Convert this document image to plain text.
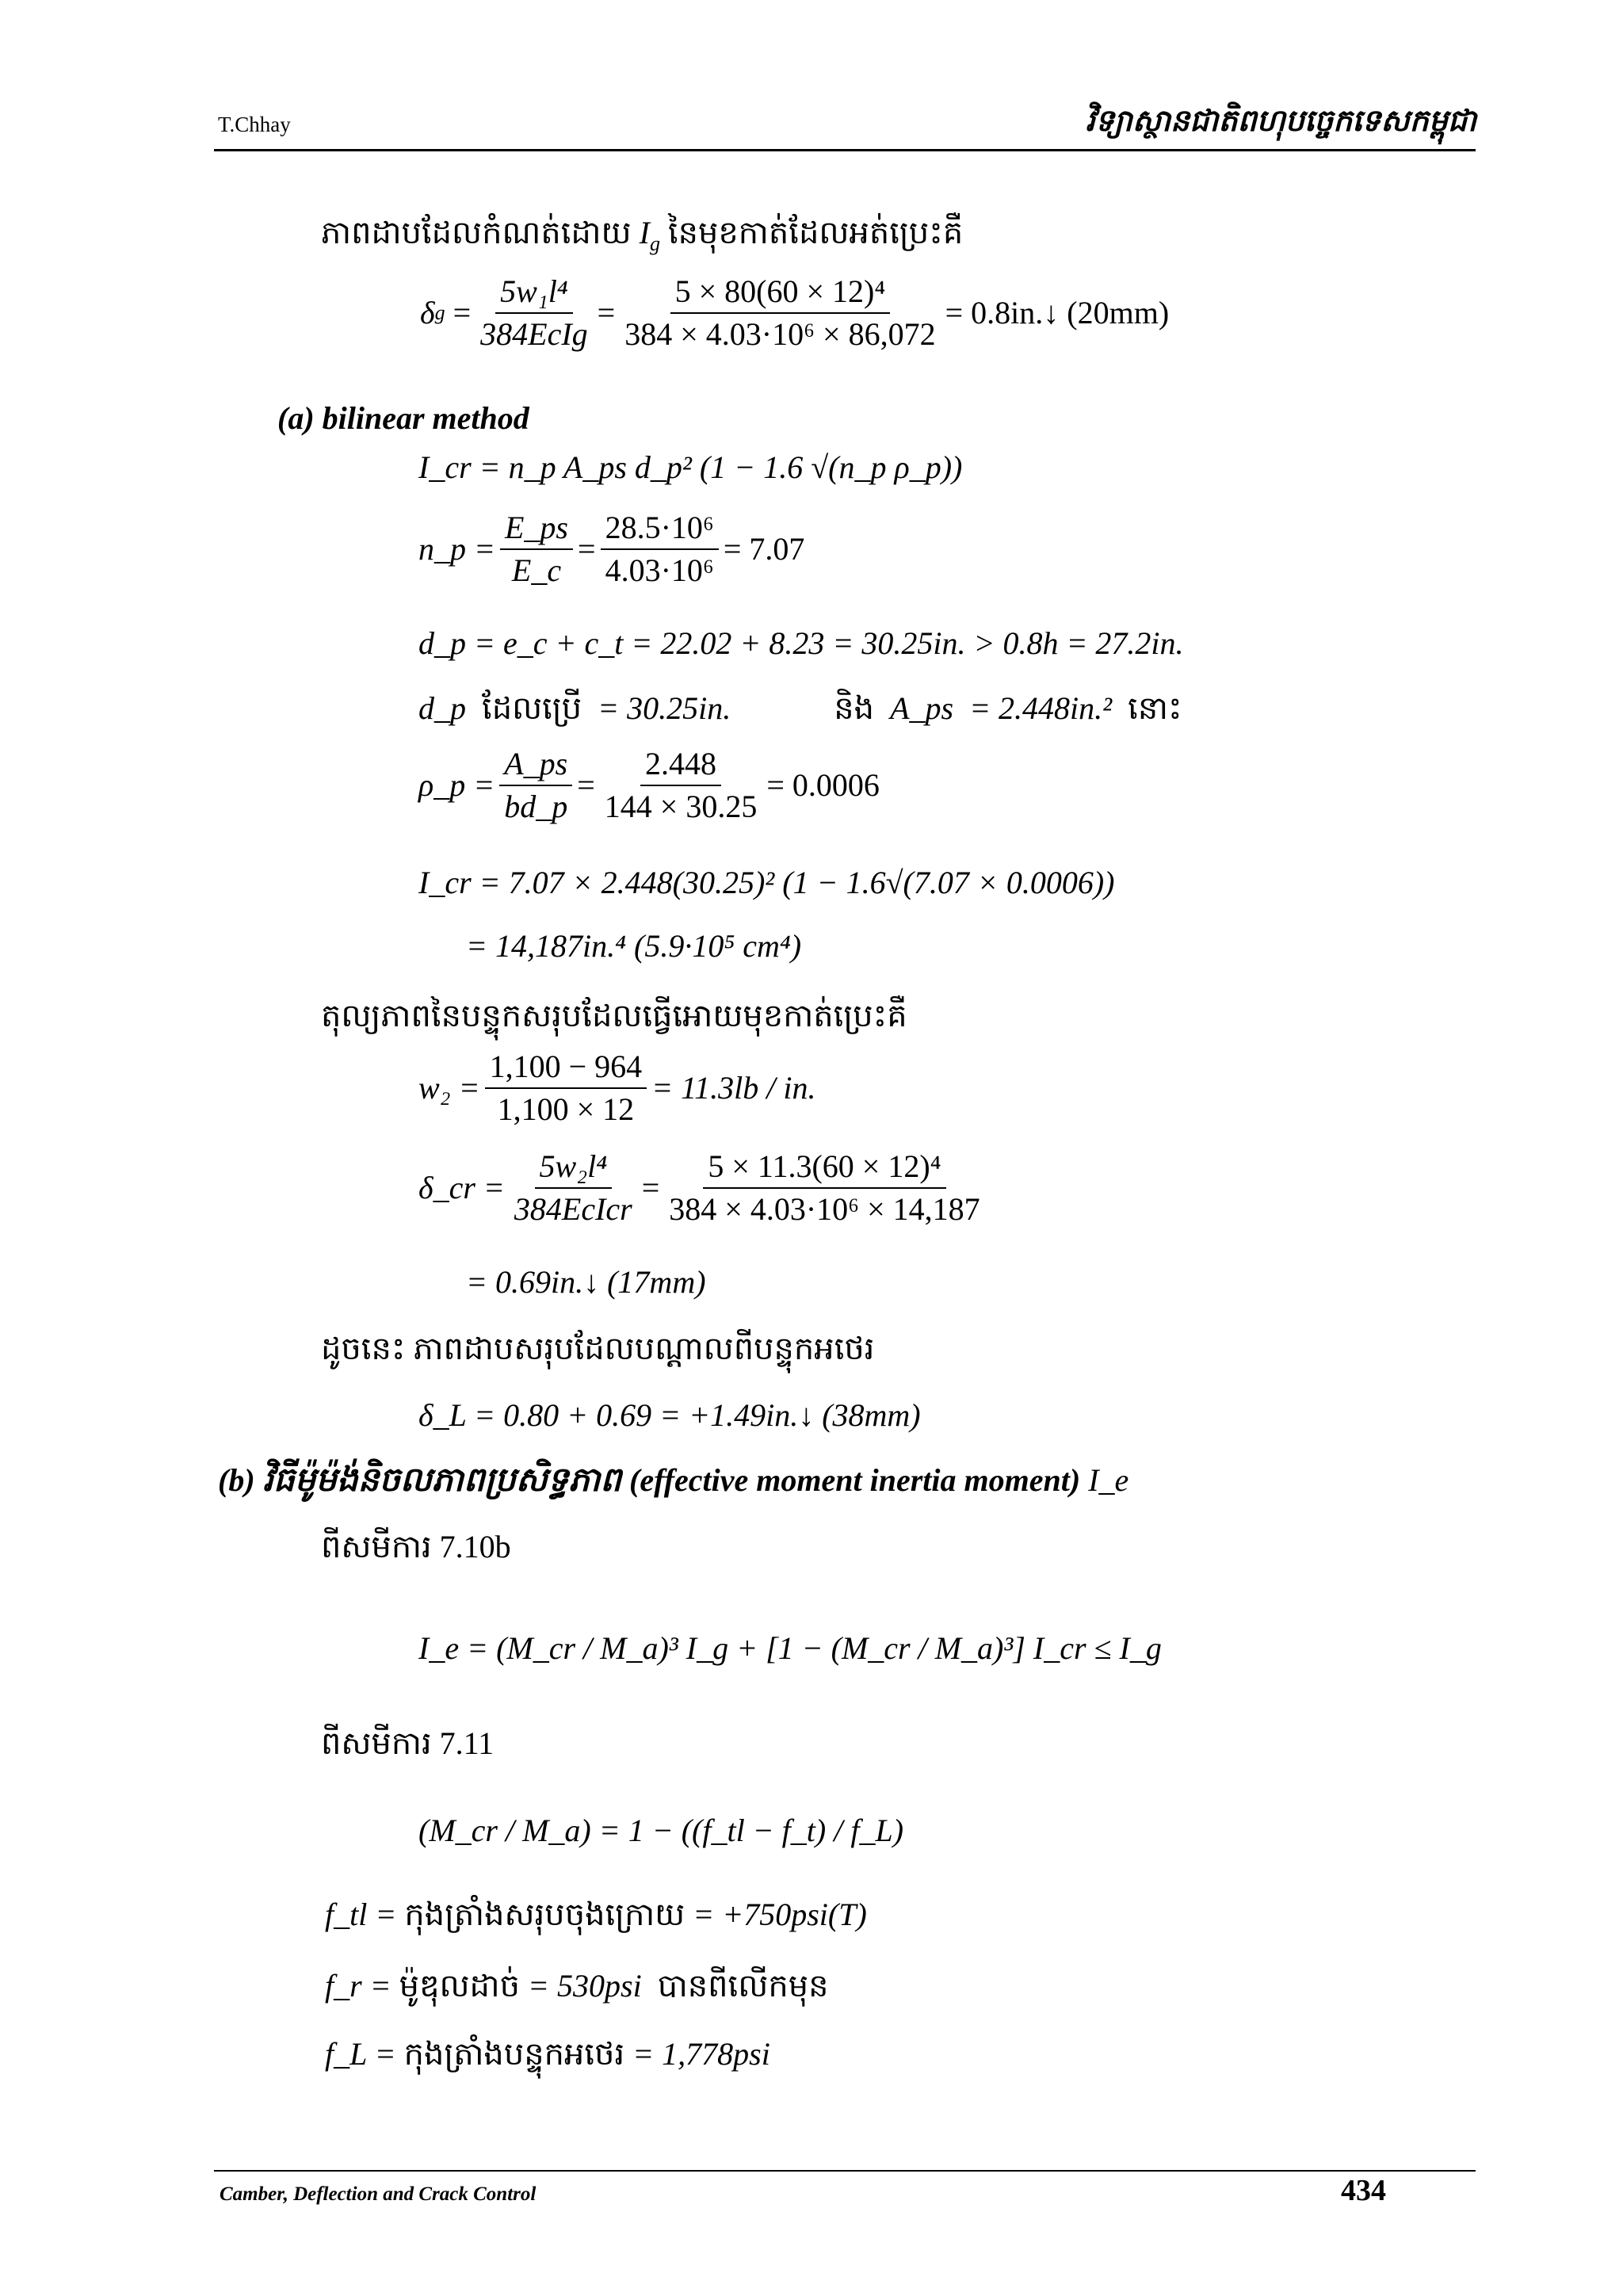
T.Chhay	វិទ្យាស្ថានជាតិពហុបច្ចេកទេសកម្ពុជា
ភាពដាបដែលកំណត់ដោយ $I_g$ នៃមុខកាត់ដែលអត់ប្រេះគឺ
δ $g = \frac{\text{5w₁l⁴}}{\text{384EcIg}} = \frac{\text{5 × 80(60 × 12)⁴}}{\text{384 × 4.03·10⁶ × 86,072}}$ = 0.8in.↓ (20mm)
(a) bilinear method
I_cr = n_p A_ps d_p² (1 − 1.6 √(n_p ρ_p))
n_p = $\frac{E\_ps}{E\_c} = \frac{\text{28.5·10⁶}}{\text{4.03·10⁶}} = 7.07$
d_p = e_c + c_t = 22.02 + 8.23 = 30.25in. > 0.8h = 27.2in.
d_p ដែលប្រើ = 30.25in.	និង A_ps = 2.448in.² នោះ
ρ_p = $\frac{A\_ps}{bd\_p} = \frac{2.448}{144 \times 30.25} = 0.0006$
I_cr = 7.07 × 2.448(30.25)² (1 − 1.6√(7.07 × 0.0006))
= 14,187in.⁴ (5.9·10⁵ cm⁴)
តុល្យភាពនៃបន្ទុកសរុបដែលធ្វើអោយមុខកាត់ប្រេះគឺ
$w_2 = \frac{1,100 - 964}{1,100 \times 12} = 11.3lb$ / in.
δ_cr = $\frac{\text{5w₂l⁴}}{\text{384EcIcr}} = \frac{\text{5 × 11.3(60 × 12)⁴}}{\text{384 × 4.03·10⁶ × 14,187}}$
= 0.69in.↓ (17mm)
ដូចនេះ ភាពដាបសរុបដែលបណ្តាលពីបន្ទុកអថេរ
δ_L = 0.80 + 0.69 = +1.49in.↓ (38mm)
(b) វិធីម៉ូម៉ង់និចលភាពប្រសិទ្ធភាព (effective moment inertia moment) I_e
ពីសមីការ 7.10b
I_e = (M_cr / M_a)³ I_g + [1 − (M_cr / M_a)³] I_cr ≤ I_g
ពីសមីការ 7.11
(M_cr / M_a) = 1 − ((f_tl − f_t) / f_L)
f_tl = កុងត្រាំងសរុបចុងក្រោយ = +750psi(T)
f_r = ម៉ូឌុលដាច់ = 530psi បានពីលើកមុន
f_L = កុងត្រាំងបន្ទុកអថេរ = 1,778psi
Camber, Deflection and Crack Control	434
